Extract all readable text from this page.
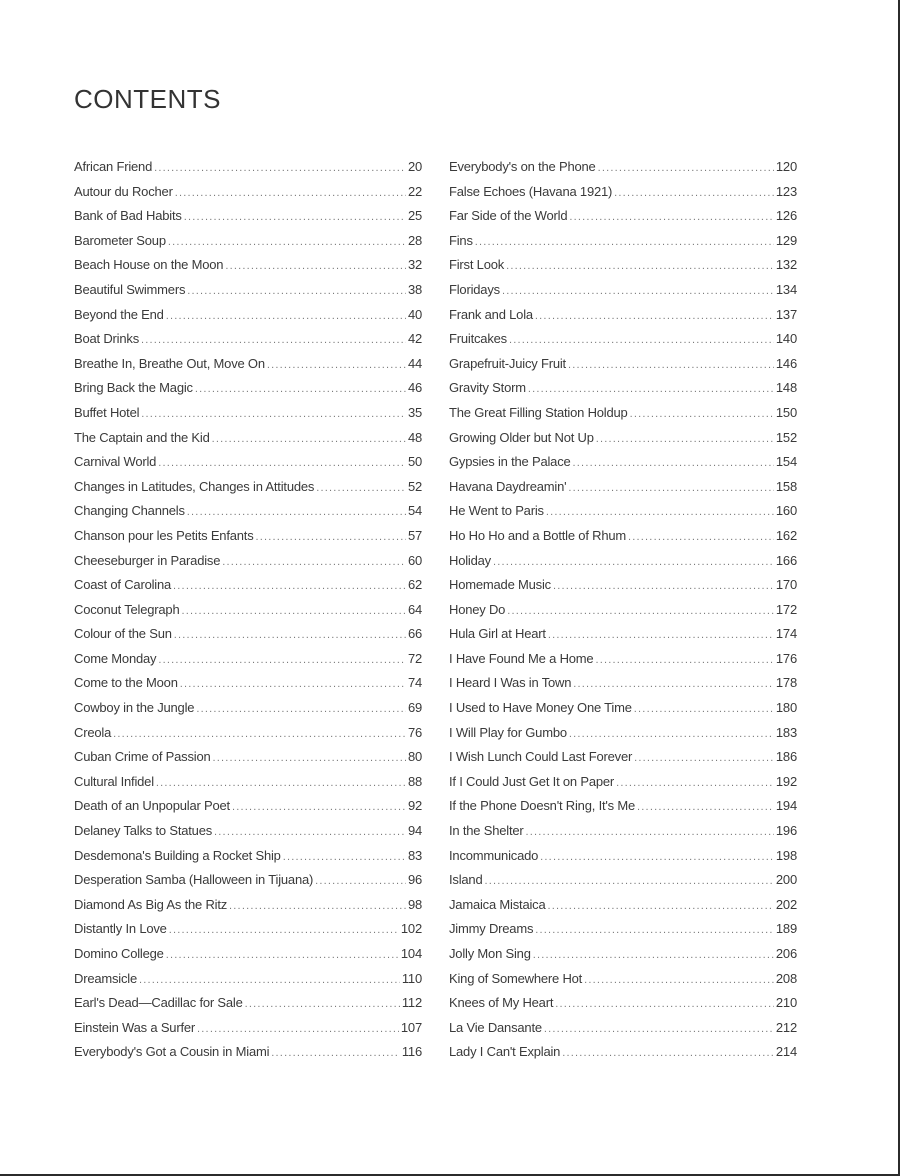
CONTENTS
African Friend .....	20
Autour du Rocher .....	22
Bank of Bad Habits .....	25
Barometer Soup .....	28
Beach House on the Moon .....	32
Beautiful Swimmers .....	38
Beyond the End .....	40
Boat Drinks .....	42
Breathe In, Breathe Out, Move On .....	44
Bring Back the Magic .....	46
Buffet Hotel .....	35
The Captain and the Kid .....	48
Carnival World .....	50
Changes in Latitudes, Changes in Attitudes .....	52
Changing Channels .....	54
Chanson pour les Petits Enfants .....	57
Cheeseburger in Paradise .....	60
Coast of Carolina .....	62
Coconut Telegraph .....	64
Colour of the Sun .....	66
Come Monday .....	72
Come to the Moon .....	74
Cowboy in the Jungle .....	69
Creola .....	76
Cuban Crime of Passion .....	80
Cultural Infidel .....	88
Death of an Unpopular Poet .....	92
Delaney Talks to Statues .....	94
Desdemona's Building a Rocket Ship .....	83
Desperation Samba (Halloween in Tijuana) .....	96
Diamond As Big As the Ritz .....	98
Distantly In Love .....	102
Domino College .....	104
Dreamsicle .....	110
Earl's Dead—Cadillac for Sale .....	112
Einstein Was a Surfer .....	107
Everybody's Got a Cousin in Miami .....	116
Everybody's on the Phone .....	120
False Echoes (Havana 1921) .....	123
Far Side of the World .....	126
Fins .....	129
First Look .....	132
Floridays .....	134
Frank and Lola .....	137
Fruitcakes .....	140
Grapefruit-Juicy Fruit .....	146
Gravity Storm .....	148
The Great Filling Station Holdup .....	150
Growing Older but Not Up .....	152
Gypsies in the Palace .....	154
Havana Daydreamin' .....	158
He Went to Paris .....	160
Ho Ho Ho and a Bottle of Rhum .....	162
Holiday .....	166
Homemade Music .....	170
Honey Do .....	172
Hula Girl at Heart .....	174
I Have Found Me a Home .....	176
I Heard I Was in Town .....	178
I Used to Have Money One Time .....	180
I Will Play for Gumbo .....	183
I Wish Lunch Could Last Forever .....	186
If I Could Just Get It on Paper .....	192
If the Phone Doesn't Ring, It's Me .....	194
In the Shelter .....	196
Incommunicado .....	198
Island .....	200
Jamaica Mistaica .....	202
Jimmy Dreams .....	189
Jolly Mon Sing .....	206
King of Somewhere Hot .....	208
Knees of My Heart .....	210
La Vie Dansante .....	212
Lady I Can't Explain .....	214
